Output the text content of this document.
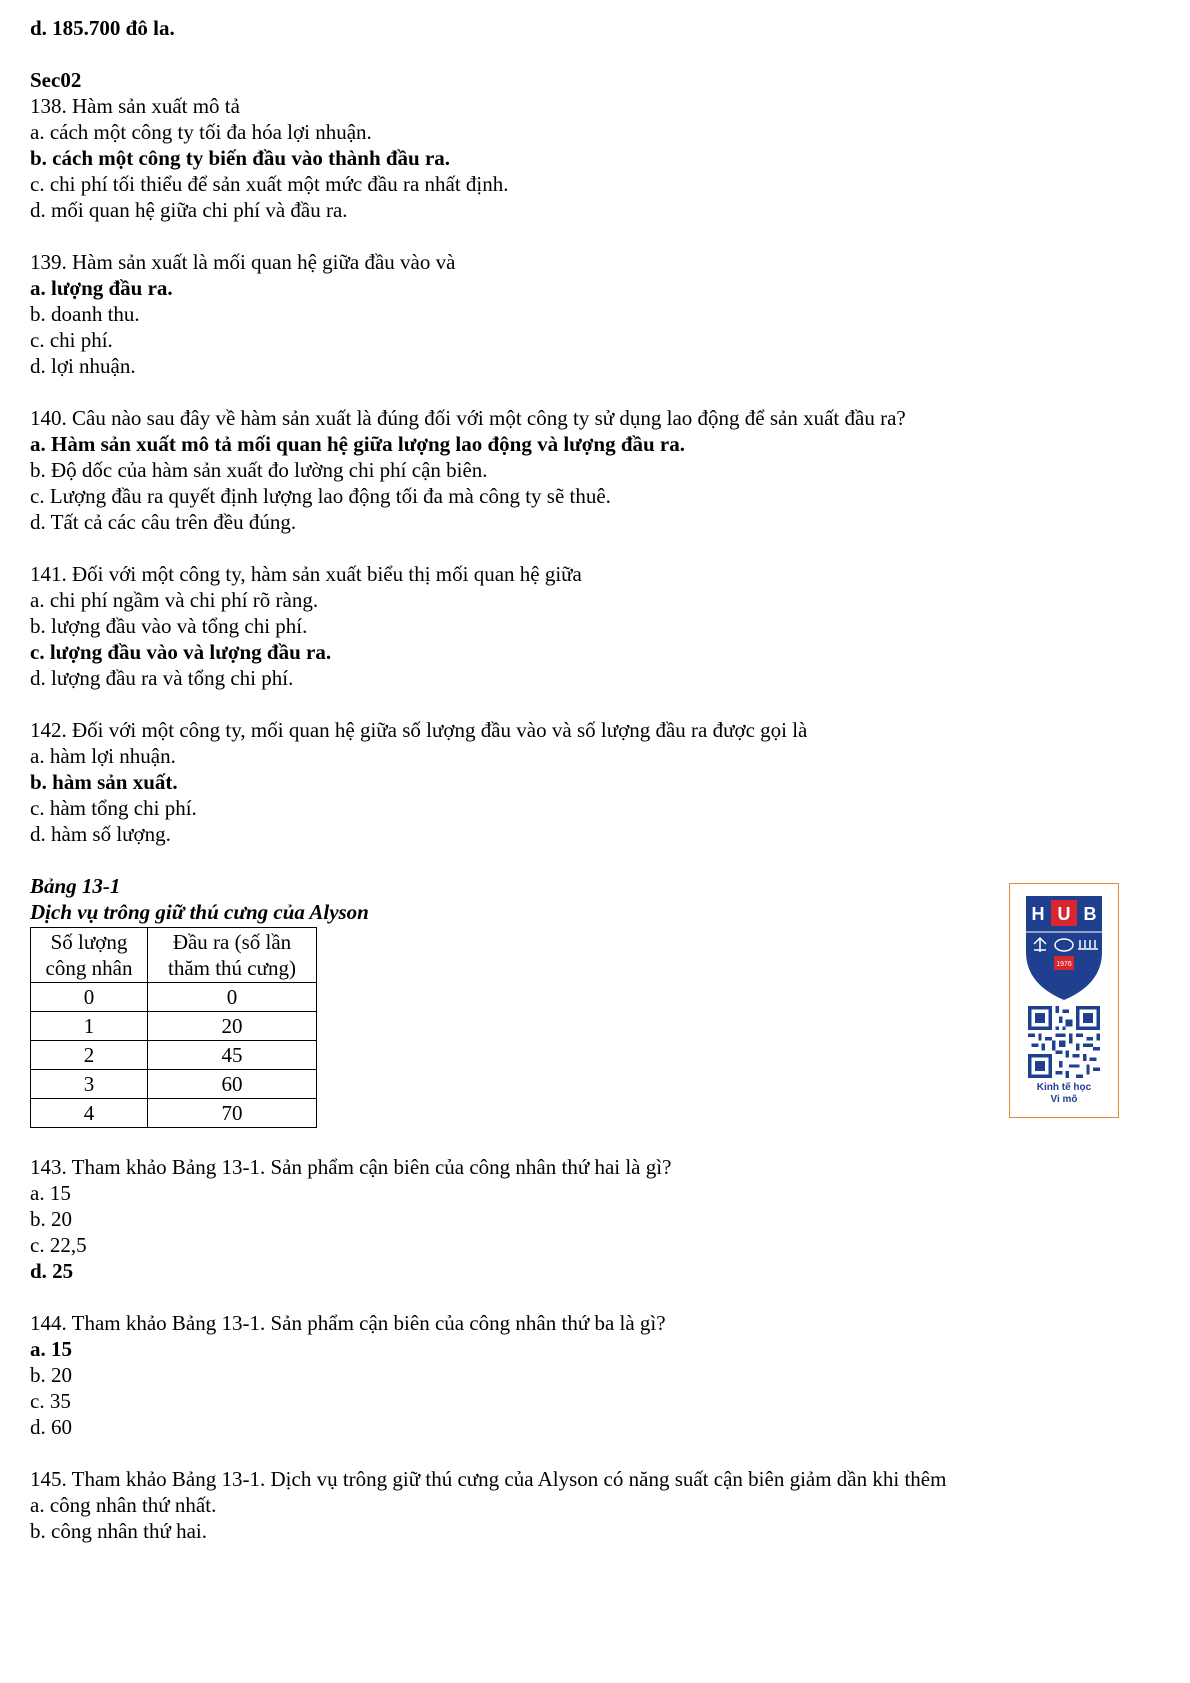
d. 185.700 đô la.

Sec02

138. Hàm sản xuất mô tả

a. cách một công ty tối đa hóa lợi nhuận.

b. cách một công ty biến đầu vào thành đầu ra.

c. chi phí tối thiểu để sản xuất một mức đầu ra nhất định.

d. mối quan hệ giữa chi phí và đầu ra.

139. Hàm sản xuất là mối quan hệ giữa đầu vào và

a. lượng đầu ra.

b. doanh thu.

c. chi phí.

d. lợi nhuận.

140. Câu nào sau đây về hàm sản xuất là đúng đối với một công ty sử dụng lao động để sản xuất đầu ra?

a. Hàm sản xuất mô tả mối quan hệ giữa lượng lao động và lượng đầu ra.

b. Độ dốc của hàm sản xuất đo lường chi phí cận biên.

c. Lượng đầu ra quyết định lượng lao động tối đa mà công ty sẽ thuê.

d. Tất cả các câu trên đều đúng.

141. Đối với một công ty, hàm sản xuất biểu thị mối quan hệ giữa

a. chi phí ngầm và chi phí rõ ràng.

b. lượng đầu vào và tổng chi phí.

c. lượng đầu vào và lượng đầu ra.

d. lượng đầu ra và tổng chi phí.

142. Đối với một công ty, mối quan hệ giữa số lượng đầu vào và số lượng đầu ra được gọi là

a. hàm lợi nhuận.

b. hàm sản xuất.

c. hàm tổng chi phí.

d. hàm số lượng.

Bảng 13-1

Dịch vụ trông giữ thú cưng của Alyson

Số lượng công nhân	Đầu ra (số lần thăm thú cưng)
0	0
1	20
2	45
3	60
4	70

143. Tham khảo Bảng 13-1. Sản phẩm cận biên của công nhân thứ hai là gì?

a. 15

b. 20

c. 22,5

d. 25

144. Tham khảo Bảng 13-1. Sản phẩm cận biên của công nhân thứ ba là gì?

a. 15

b. 20

c. 35

d. 60

145. Tham khảo Bảng 13-1. Dịch vụ trông giữ thú cưng của Alyson có năng suất cận biên giảm dần khi thêm

a. công nhân thứ nhất.

b. công nhân thứ hai.

H U B
1976
Kinh tế học
Vi mô
